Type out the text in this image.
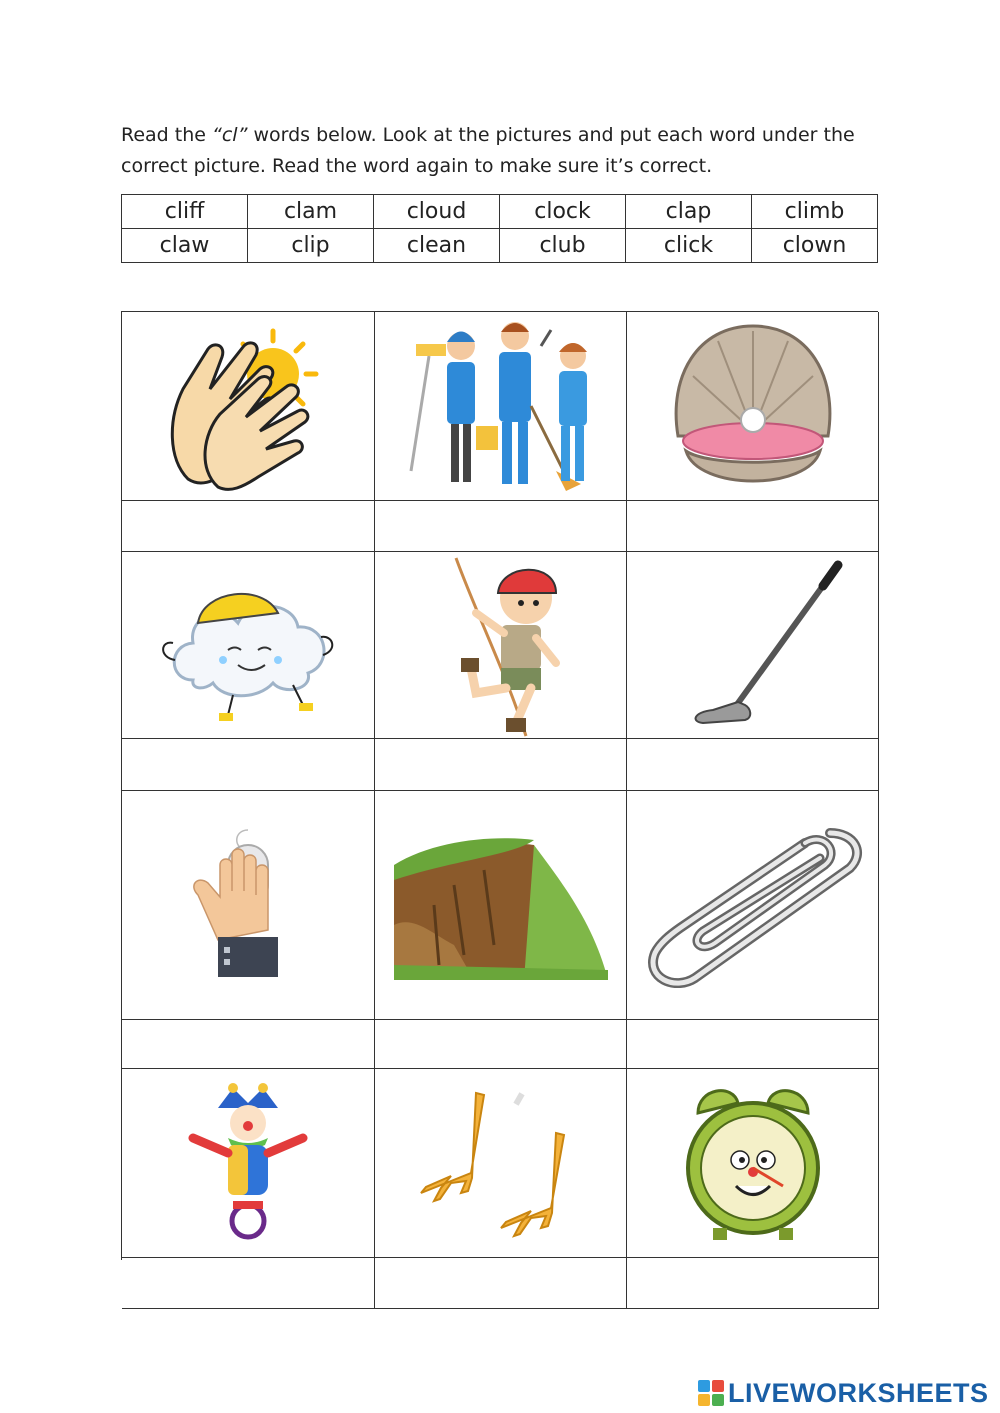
Read the “cl” words below. Look at the pictures and put each word under the correct picture. Read the word again to make sure it’s correct.
cliff	clam	cloud	clock	clap	climb
claw	clip	clean	club	click	clown
LIVEWORKSHEETS
